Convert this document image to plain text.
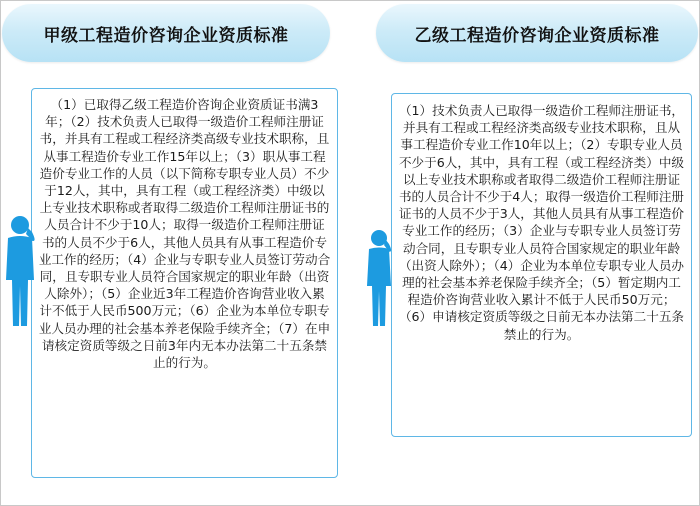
甲级工程造价咨询企业资质标准

（1）已取得乙级工程造价咨询企业资质证书满3年；（2）技术负责人已取得一级造价工程师注册证书，并具有工程或工程经济类高级专业技术职称，且从事工程造价专业工作15年以上；（3）职从事工程造价专业工作的人员（以下简称专职专业人员）不少于12人，其中，具有工程（或工程经济类）中级以上专业技术职称或者取得二级造价工程师注册证书的人员合计不少于10人；取得一级造价工程师注册证书的人员不少于6人，其他人员具有从事工程造价专业工作的经历；（4）企业与专职专业人员签订劳动合同，且专职专业人员符合国家规定的职业年龄（出资人除外）；（5）企业近3年工程造价咨询营业收入累计不低于人民币500万元；（6）企业为本单位专职专业人员办理的社会基本养老保险手续齐全；（7）在申请核定资质等级之日前3年内无本办法第二十五条禁止的行为。

乙级工程造价咨询企业资质标准

（1）技术负责人已取得一级造价工程师注册证书，并具有工程或工程经济类高级专业技术职称，且从事工程造价专业工作10年以上；（2）专职专业人员不少于6人，其中，具有工程（或工程经济类）中级以上专业技术职称或者取得二级造价工程师注册证书的人员合计不少于4人；取得一级造价工程师注册证书的人员不少于3人，其他人员具有从事工程造价专业工作的经历；（3）企业与专职专业人员签订劳动合同，且专职专业人员符合国家规定的职业年龄（出资人除外）；（4）企业为本单位专职专业人员办理的社会基本养老保险手续齐全；（5）暂定期内工程造价咨询营业收入累计不低于人民币50万元；（6）申请核定资质等级之日前无本办法第二十五条禁止的行为。
